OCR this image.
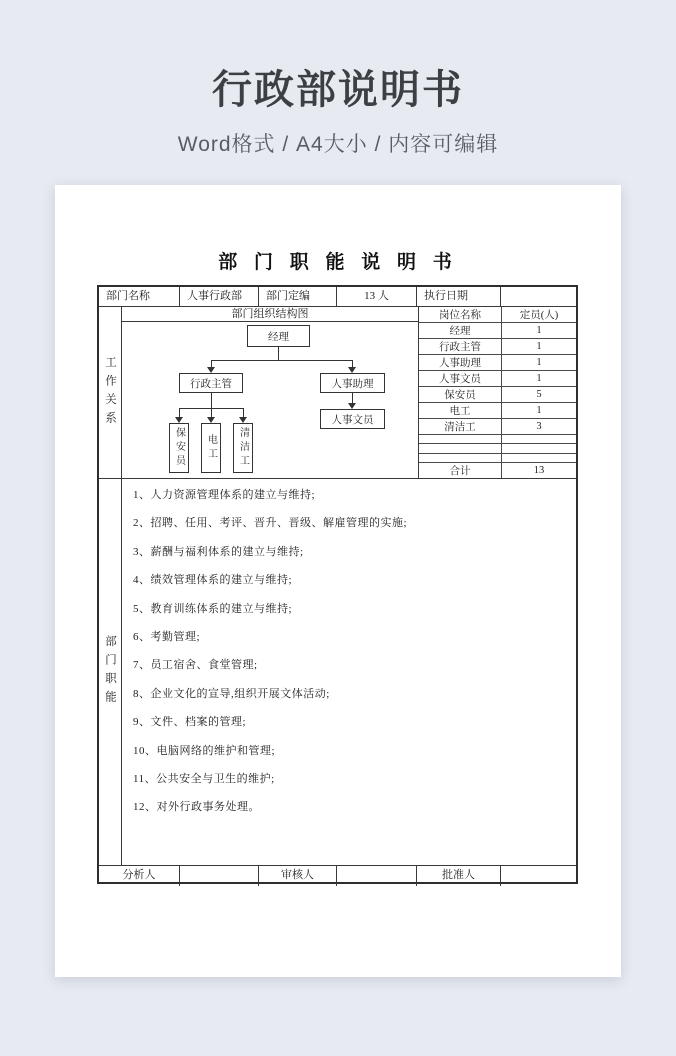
行政部说明书
Word格式 / A4大小 / 内容可编辑
部 门 职 能 说 明 书
部门名称	人事行政部	部门定编	13 人	执行日期
工作关系
部门组织结构图
经理
行政主管	人事助理
人事文员
保安员 电工 清洁工
岗位名称	定员(人)
经理	1
行政主管	1
人事助理	1
人事文员	1
保安员	5
电工	1
清洁工	3
合计	13
部门职能
1、人力资源管理体系的建立与维持;
2、招聘、任用、考评、晋升、晋级、解雇管理的实施;
3、薪酬与福利体系的建立与维持;
4、绩效管理体系的建立与维持;
5、教育训练体系的建立与维持;
6、考勤管理;
7、员工宿舍、食堂管理;
8、企业文化的宣导,组织开展文体活动;
9、文件、档案的管理;
10、电脑网络的维护和管理;
11、公共安全与卫生的维护;
12、对外行政事务处理。
分析人	审核人	批准人
